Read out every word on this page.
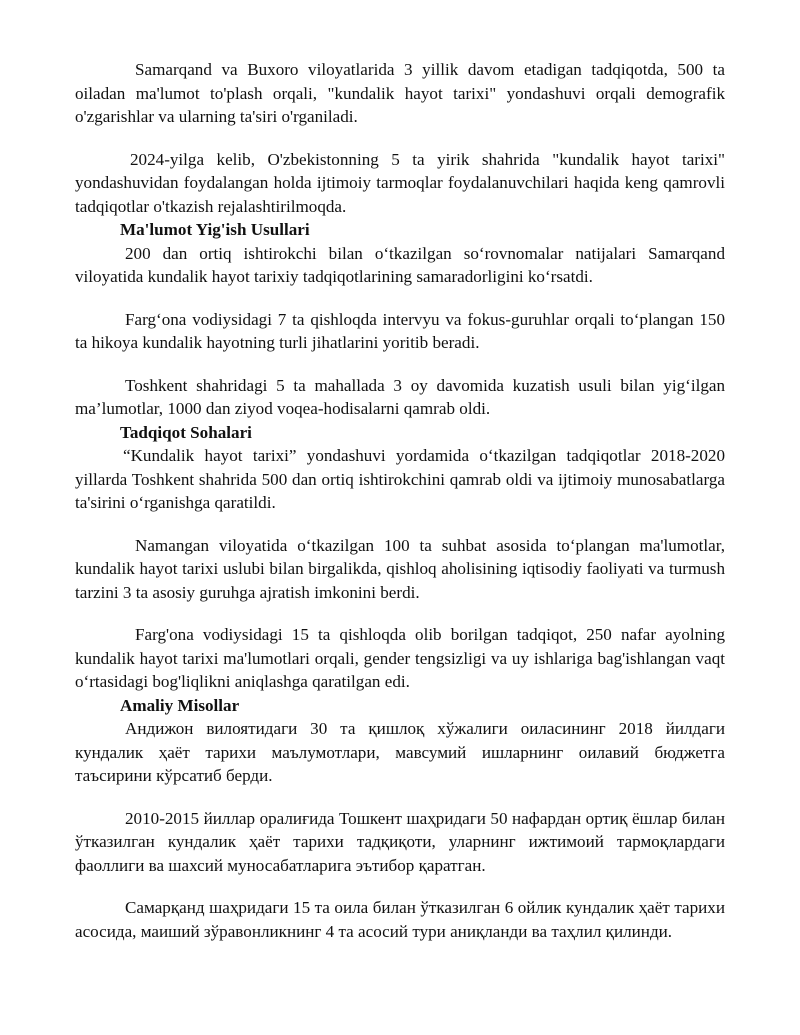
Samarqand va Buxoro viloyatlarida 3 yillik davom etadigan tadqiqotda, 500 ta oiladan ma'lumot to'plash orqali, "kundalik hayot tarixi" yondashuvi orqali demografik o'zgarishlar va ularning ta'siri o'rganiladi.

2024-yilga kelib, O'zbekistonning 5 ta yirik shahrida "kundalik hayot tarixi" yondashuvidan foydalangan holda ijtimoiy tarmoqlar foydalanuvchilari haqida keng qamrovli tadqiqotlar o'tkazish rejalashtirilmoqda.

Ma'lumot Yig'ish Usullari

200 dan ortiq ishtirokchi bilan o‘tkazilgan so‘rovnomalar natijalari Samarqand viloyatida kundalik hayot tarixiy tadqiqotlarining samaradorligini ko‘rsatdi.

Farg‘ona vodiysidagi 7 ta qishloqda intervyu va fokus-guruhlar orqali to‘plangan 150 ta hikoya kundalik hayotning turli jihatlarini yoritib beradi.

Toshkent shahridagi 5 ta mahallada 3 oy davomida kuzatish usuli bilan yig‘ilgan ma’lumotlar, 1000 dan ziyod voqea-hodisalarni qamrab oldi.

Tadqiqot Sohalari

“Kundalik hayot tarixi” yondashuvi yordamida o‘tkazilgan tadqiqotlar 2018-2020 yillarda Toshkent shahrida 500 dan ortiq ishtirokchini qamrab oldi va ijtimoiy munosabatlarga ta'sirini o‘rganishga qaratildi.

Namangan viloyatida o‘tkazilgan 100 ta suhbat asosida to‘plangan ma'lumotlar, kundalik hayot tarixi uslubi bilan birgalikda, qishloq aholisining iqtisodiy faoliyati va turmush tarzini 3 ta asosiy guruhga ajratish imkonini berdi.

Farg'ona vodiysidagi 15 ta qishloqda olib borilgan tadqiqot, 250 nafar ayolning kundalik hayot tarixi ma'lumotlari orqali, gender tengsizligi va uy ishlariga bag'ishlangan vaqt o‘rtasidagi bog'liqlikni aniqlashga qaratilgan edi.

Amaliy Misollar

Андижон вилоятидаги 30 та қишлоқ хўжалиги оиласининг 2018 йилдаги кундалик ҳаёт тарихи маълумотлари, мавсумий ишларнинг оилавий бюджетга таъсирини кўрсатиб берди.

2010-2015 йиллар оралиғида Тошкент шаҳридаги 50 нафардан ортиқ ёшлар билан ўтказилган кундалик ҳаёт тарихи тадқиқоти, уларнинг ижтимоий тармоқлардаги фаоллиги ва шахсий муносабатларига эътибор қаратган.

Самарқанд шаҳридаги 15 та оила билан ўтказилган 6 ойлик кундалик ҳаёт тарихи асосида, маиший зўравонликнинг 4 та асосий тури аниқланди ва таҳлил қилинди.
